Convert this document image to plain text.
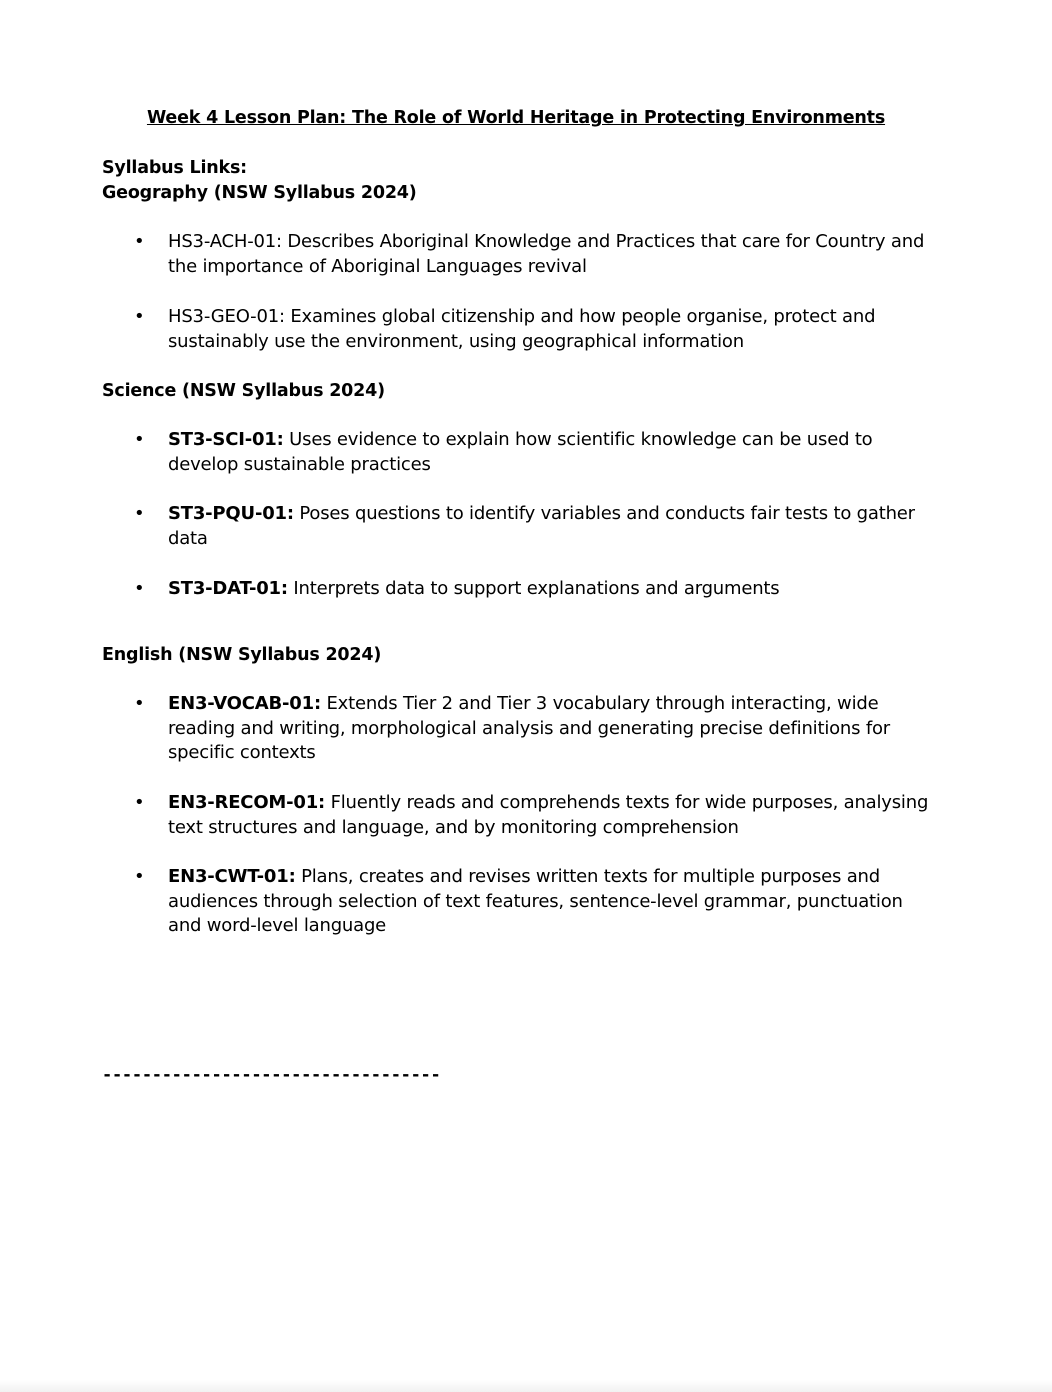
Week 4 Lesson Plan: The Role of World Heritage in Protecting Environments
Syllabus Links:
Geography (NSW Syllabus 2024)
• HS3-ACH-01: Describes Aboriginal Knowledge and Practices that care for Country and the importance of Aboriginal Languages revival
• HS3-GEO-01: Examines global citizenship and how people organise, protect and sustainably use the environment, using geographical information
Science (NSW Syllabus 2024)
• ST3-SCI-01: Uses evidence to explain how scientific knowledge can be used to develop sustainable practices
• ST3-PQU-01: Poses questions to identify variables and conducts fair tests to gather data
• ST3-DAT-01: Interprets data to support explanations and arguments
English (NSW Syllabus 2024)
• EN3-VOCAB-01: Extends Tier 2 and Tier 3 vocabulary through interacting, wide reading and writing, morphological analysis and generating precise definitions for specific contexts
• EN3-RECOM-01: Fluently reads and comprehends texts for wide purposes, analysing text structures and language, and by monitoring comprehension
• EN3-CWT-01: Plans, creates and revises written texts for multiple purposes and audiences through selection of text features, sentence-level grammar, punctuation and word-level language
----------------------------------
